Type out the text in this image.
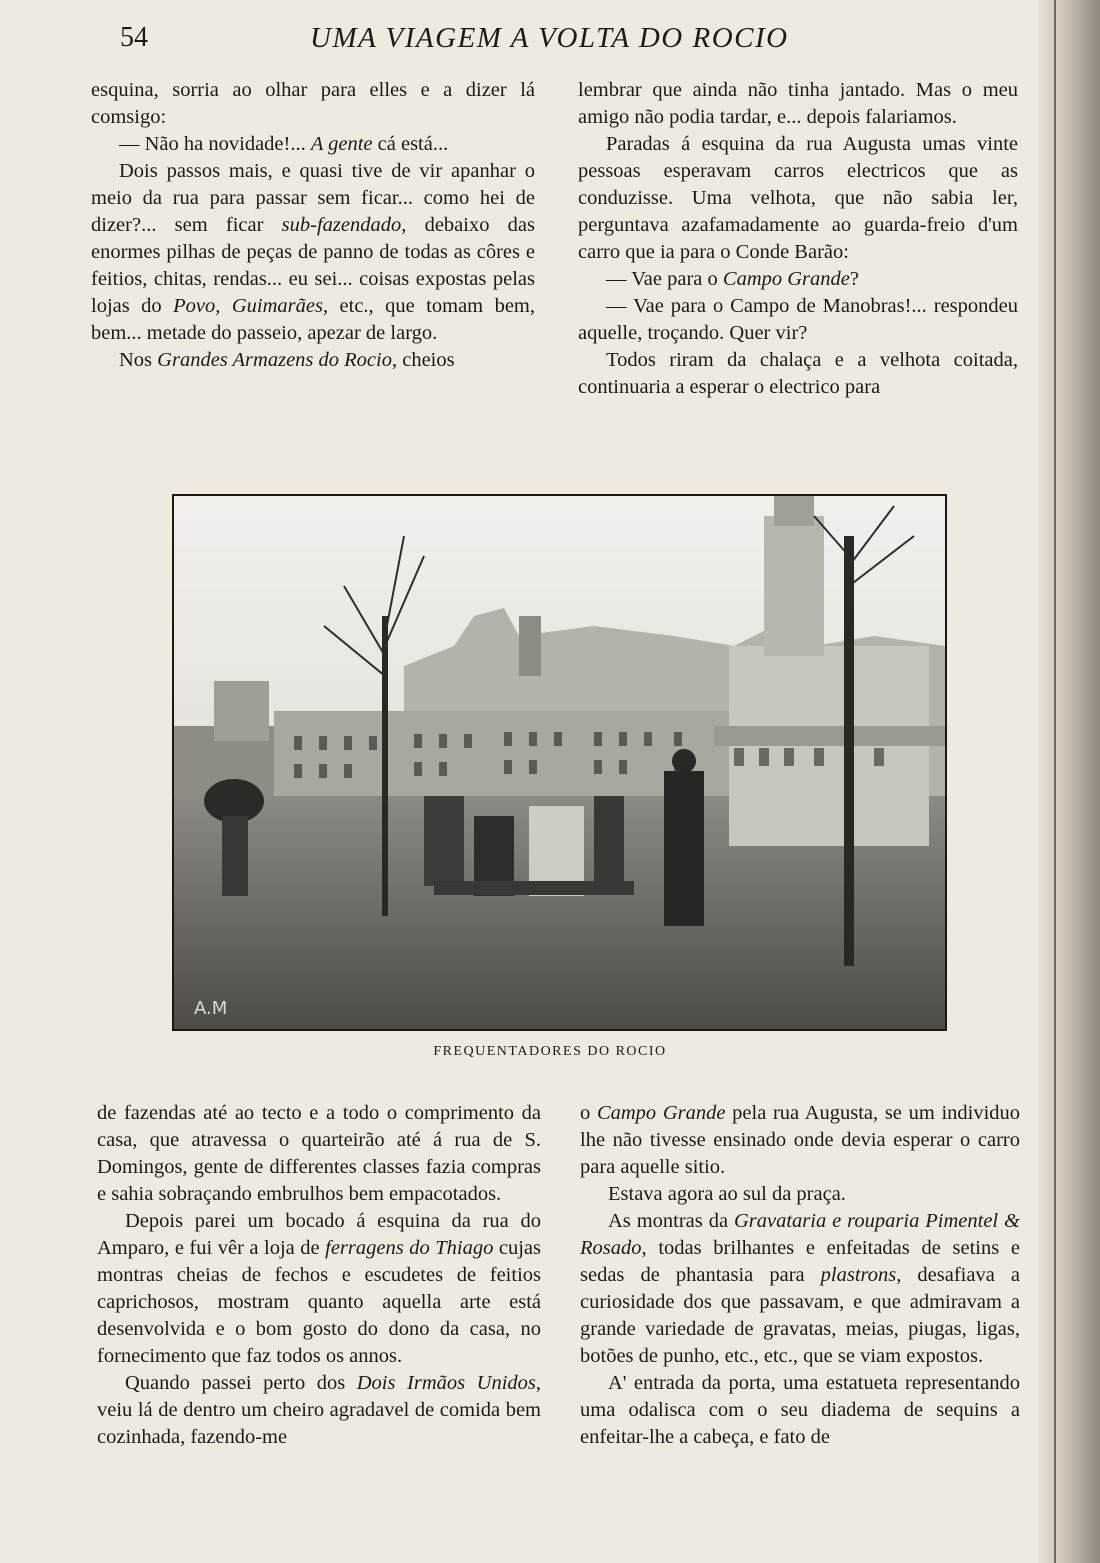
54	UMA VIAGEM A VOLTA DO ROCIO

esquina, sorria ao olhar para elles e a dizer lá comsigo:

— Não ha novidade!... A gente cá está...

Dois passos mais, e quasi tive de vir apanhar o meio da rua para passar sem ficar... como hei de dizer?... sem ficar sub-fazendado, debaixo das enormes pilhas de peças de panno de todas as côres e feitios, chitas, rendas... eu sei... coisas expostas pelas lojas do Povo, Guimarães, etc., que tomam bem, bem... metade do passeio, apezar de largo.

Nos Grandes Armazens do Rocio, cheios

lembrar que ainda não tinha jantado. Mas o meu amigo não podia tardar, e... depois falariamos.

Paradas á esquina da rua Augusta umas vinte pessoas esperavam carros electricos que as conduzisse. Uma velhota, que não sabia ler, perguntava azafamadamente ao guarda-freio d'um carro que ia para o Conde Barão:

— Vae para o Campo Grande?

— Vae para o Campo de Manobras!... respondeu aquelle, troçando. Quer vir?

Todos riram da chalaça e a velhota coitada, continuaria a esperar o electrico para

A.M
FREQUENTADORES DO ROCIO

de fazendas até ao tecto e a todo o comprimento da casa, que atravessa o quarteirão até á rua de S. Domingos, gente de differentes classes fazia compras e sahia sobraçando embrulhos bem empacotados.

Depois parei um bocado á esquina da rua do Amparo, e fui vêr a loja de ferragens do Thiago cujas montras cheias de fechos e escudetes de feitios caprichosos, mostram quanto aquella arte está desenvolvida e o bom gosto do dono da casa, no fornecimento que faz todos os annos.

Quando passei perto dos Dois Irmãos Unidos, veiu lá de dentro um cheiro agradavel de comida bem cozinhada, fazendo-me

o Campo Grande pela rua Augusta, se um individuo lhe não tivesse ensinado onde devia esperar o carro para aquelle sitio.

Estava agora ao sul da praça.

As montras da Gravataria e roupari​a Pimentel & Rosado, todas brilhantes e enfeitadas de setins e sedas de phantasia para plastrons, desafiava a curiosidade dos que passavam, e que admiravam a grande variedade de gravatas, meias, piugas, ligas, botões de punho, etc., etc., que se viam expostos.

A' entrada da porta, uma estatueta representando uma odalisca com o seu diadema de sequins a enfeitar-lhe a cabeça, e fato de
